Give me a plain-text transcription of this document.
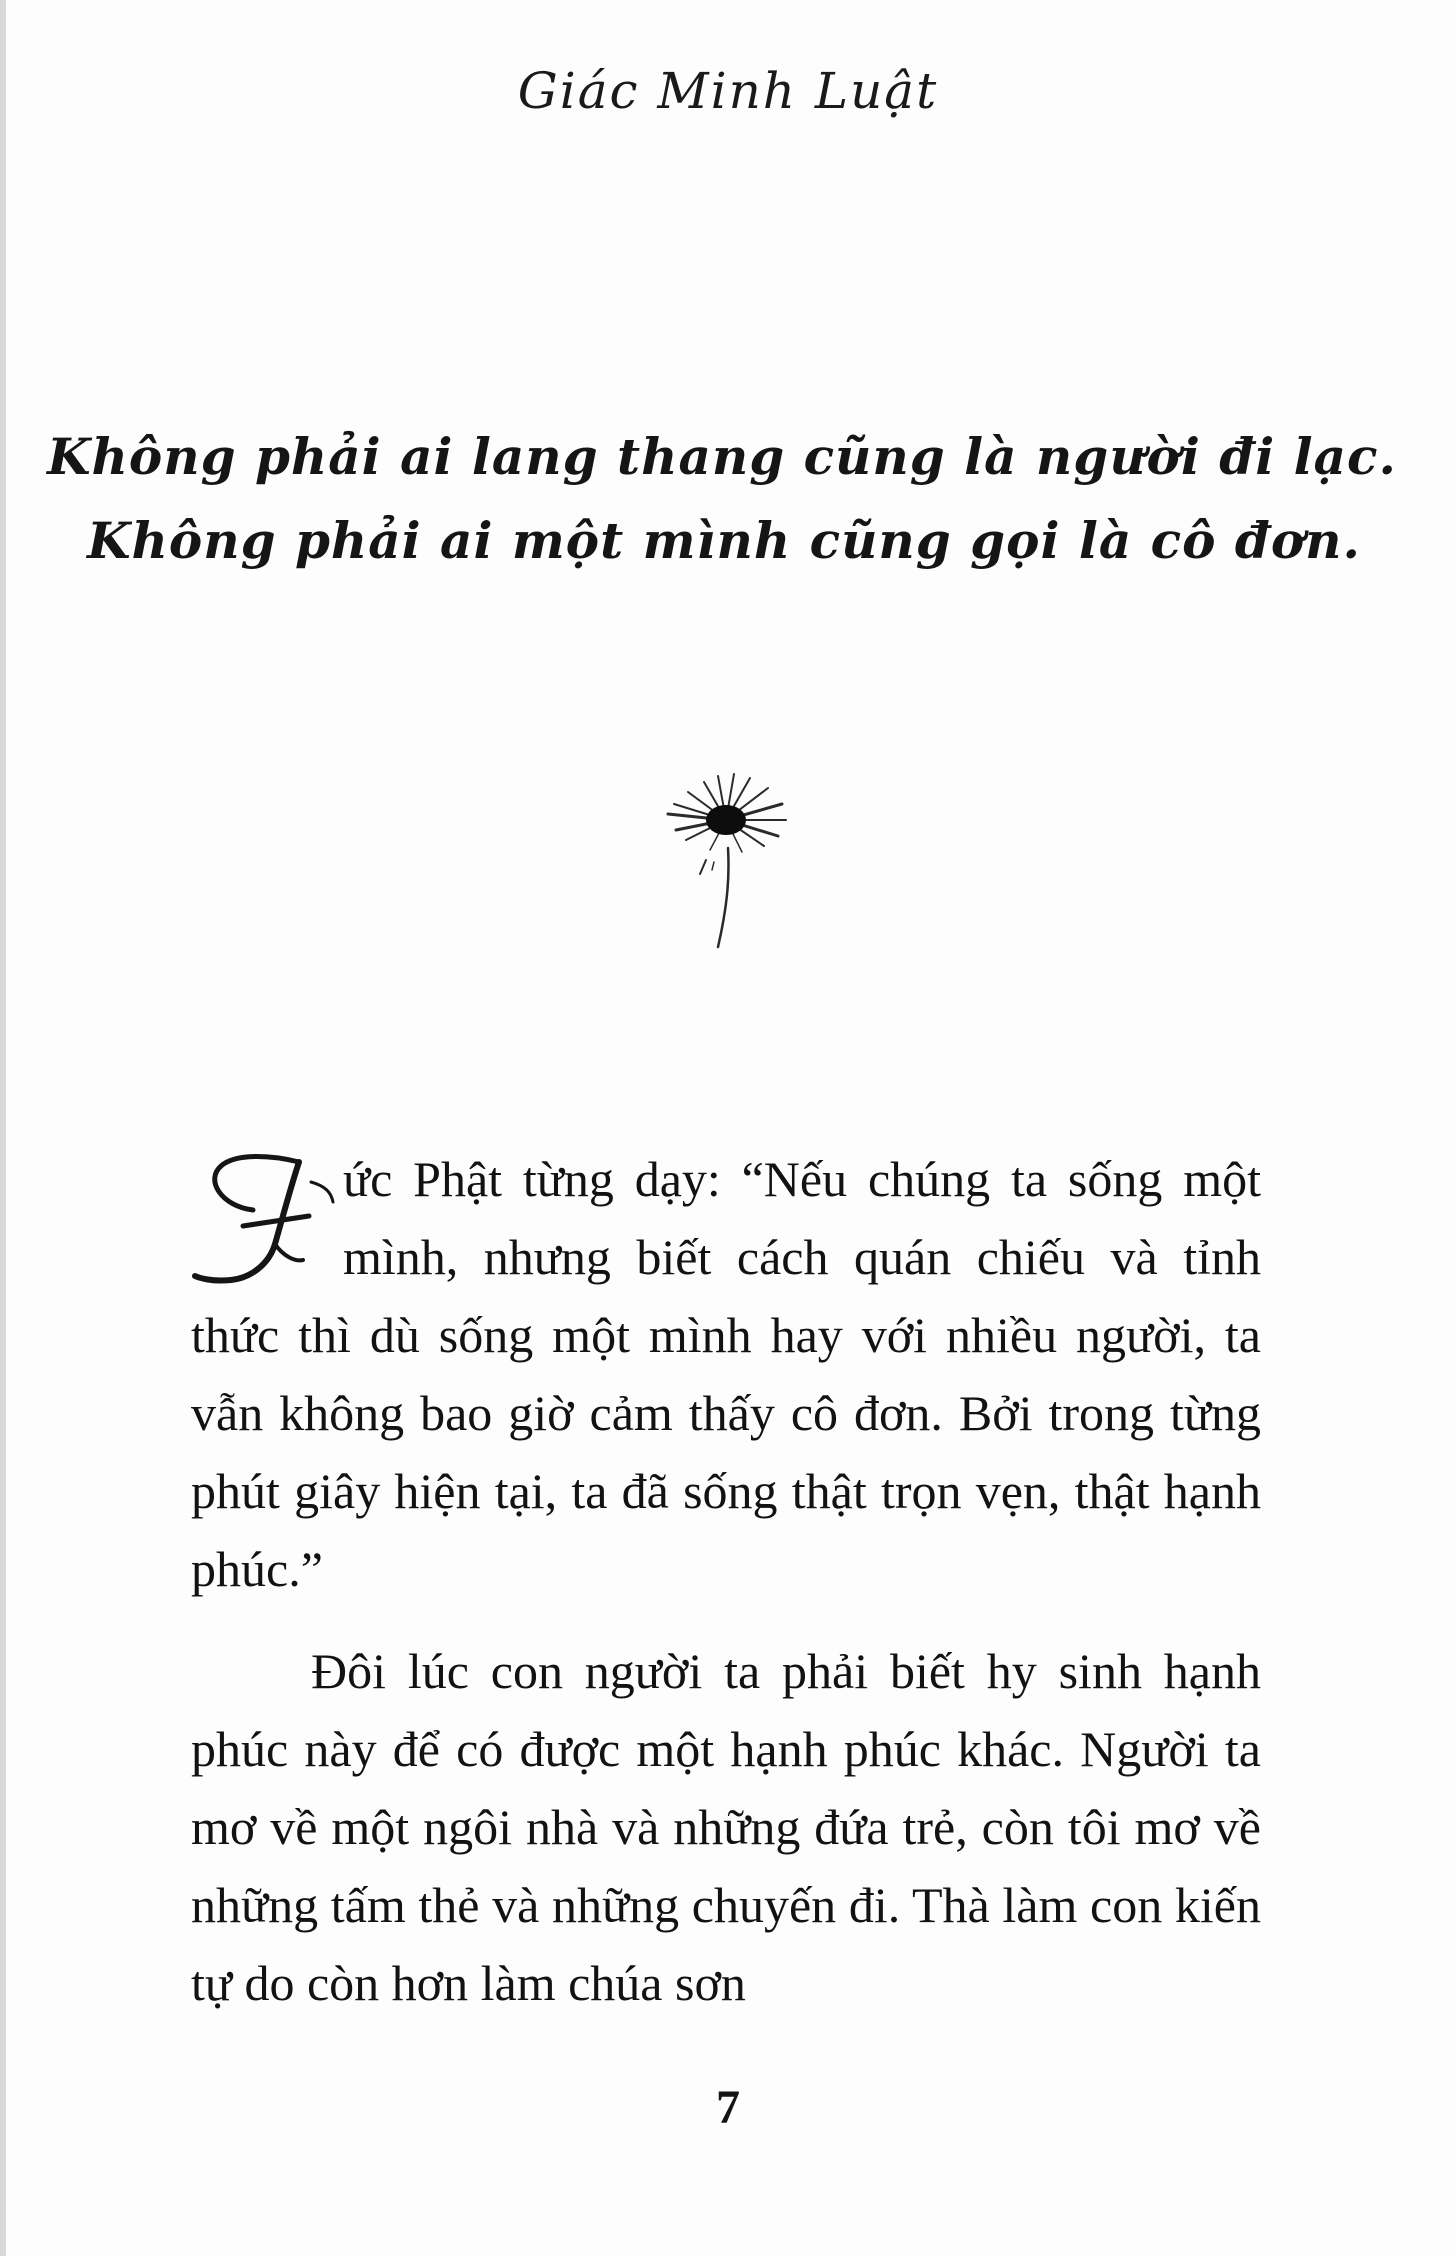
Giác Minh Luật
Không phải ai lang thang cũng là người đi lạc.
Không phải ai một mình cũng gọi là cô đơn.

ức Phật từng dạy: “Nếu chúng ta sống một mình, nhưng biết cách quán chiếu và tỉnh thức thì dù sống một mình hay với nhiều người, ta vẫn không bao giờ cảm thấy cô đơn. Bởi trong từng phút giây hiện tại, ta đã sống thật trọn vẹn, thật hạnh phúc.”

Đôi lúc con người ta phải biết hy sinh hạnh phúc này để có được một hạnh phúc khác. Người ta mơ về một ngôi nhà và những đứa trẻ, còn tôi mơ về những tấm thẻ và những chuyến đi. Thà làm con kiến tự do còn hơn làm chúa sơn

7
